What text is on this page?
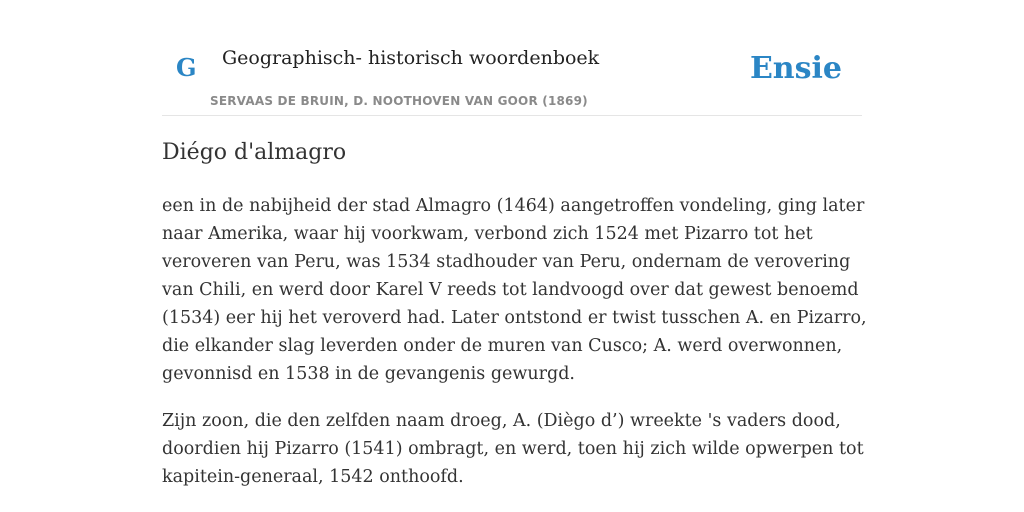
G Geographisch- historisch woordenboek
SERVAAS DE BRUIN, D. NOOTHOVEN VAN GOOR (1869)
Ensie
Diégo d'almagro

een in de nabijheid der stad Almagro (1464) aangetroffen vondeling, ging later naar Amerika, waar hij voorkwam, verbond zich 1524 met Pizarro tot het veroveren van Peru, was 1534 stadhouder van Peru, ondernam de verovering van Chili, en werd door Karel V reeds tot landvoogd over dat gewest benoemd (1534) eer hij het veroverd had. Later ontstond er twist tusschen A. en Pizarro, die elkander slag leverden onder de muren van Cusco; A. werd overwonnen, gevonnisd en 1538 in de gevangenis gewurgd.

Zijn zoon, die den zelfden naam droeg, A. (Diègo d’) wreekte 's vaders dood, doordien hij Pizarro (1541) ombragt, en werd, toen hij zich wilde opwerpen tot kapitein-generaal, 1542 onthoofd.
